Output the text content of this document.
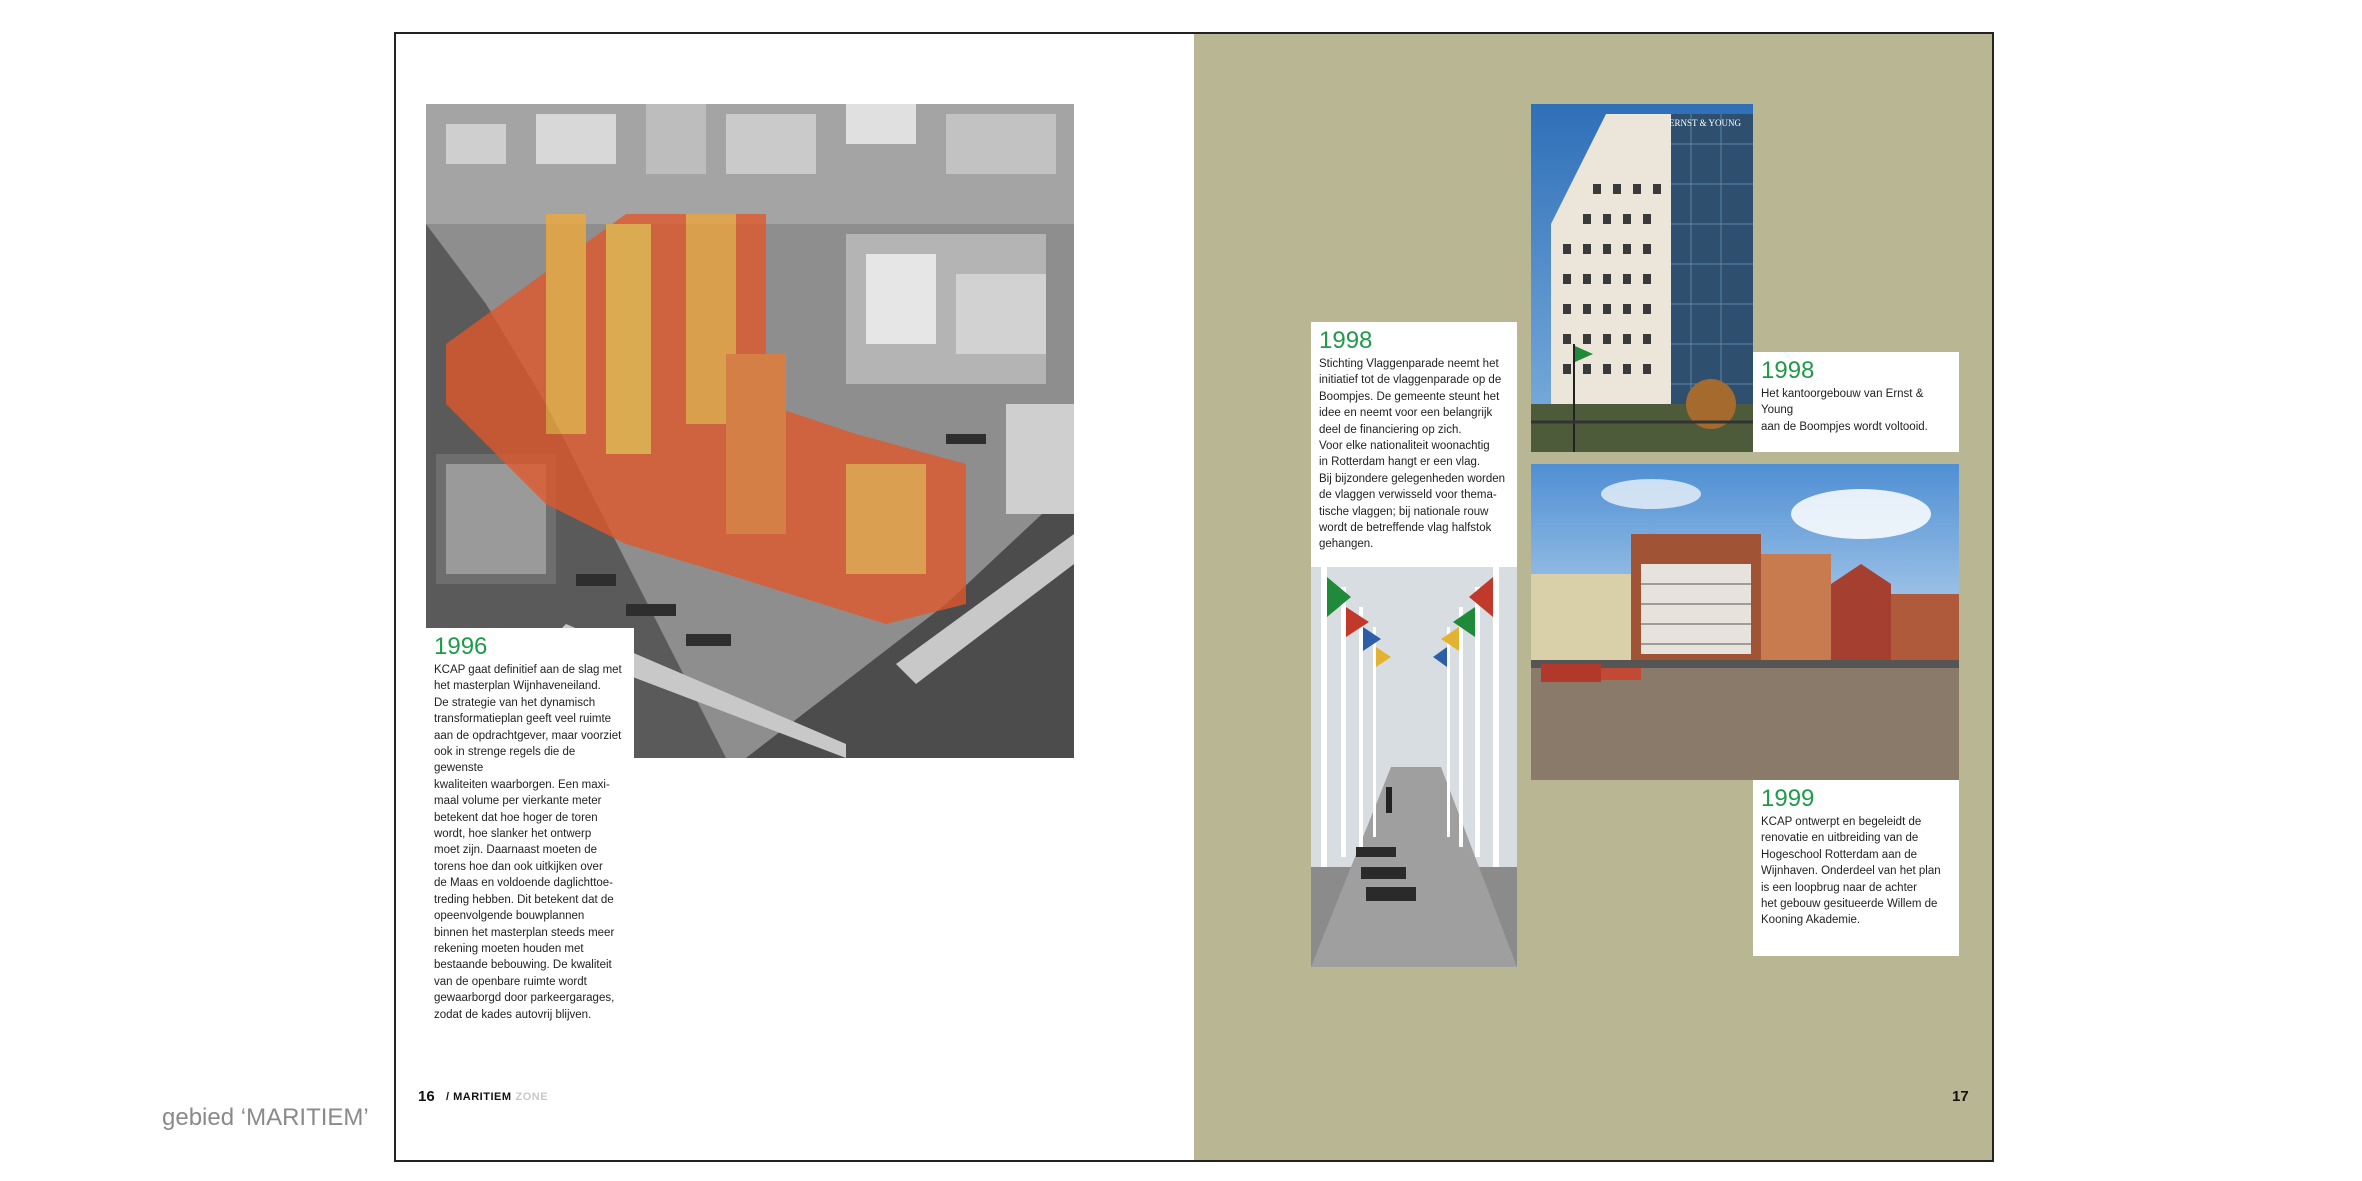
gebied ‘MARITIEM’
1996

KCAP gaat definitief aan de slag met
het masterplan Wijnhaveneiland.
De strategie van het dynamisch
transformatieplan geeft veel ruimte
aan de opdrachtgever, maar voorziet
ook in strenge regels die de gewenste
kwaliteiten waarborgen. Een maxi-
maal volume per vierkante meter
betekent dat hoe hoger de toren
wordt, hoe slanker het ontwerp
moet zijn. Daarnaast moeten de
torens hoe dan ook uitkijken over
de Maas en voldoende daglichttoe-
treding hebben. Dit betekent dat de
opeenvolgende bouwplannen
binnen het masterplan steeds meer
rekening moeten houden met
bestaande bebouwing. De kwaliteit
van de openbare ruimte wordt
gewaarborgd door parkeergarages,
zodat de kades autovrij blijven.

16 / MARITIEM ZONE
ERNST & YOUNG
1998

Stichting Vlaggenparade neemt het
initiatief tot de vlaggenparade op de
Boompjes. De gemeente steunt het
idee en neemt voor een belangrijk
deel de financiering op zich.
Voor elke nationaliteit woonachtig
in Rotterdam hangt er een vlag.
Bij bijzondere gelegenheden worden
de vlaggen verwisseld voor thema-
tische vlaggen; bij nationale rouw
wordt de betreffende vlag halfstok
gehangen.

1998

Het kantoorgebouw van Ernst & Young
aan de Boompjes wordt voltooid.

1999

KCAP ontwerpt en begeleidt de
renovatie en uitbreiding van de
Hogeschool Rotterdam aan de
Wijnhaven. Onderdeel van het plan
is een loopbrug naar de achter
het gebouw gesitueerde Willem de
Kooning Akademie.

17
